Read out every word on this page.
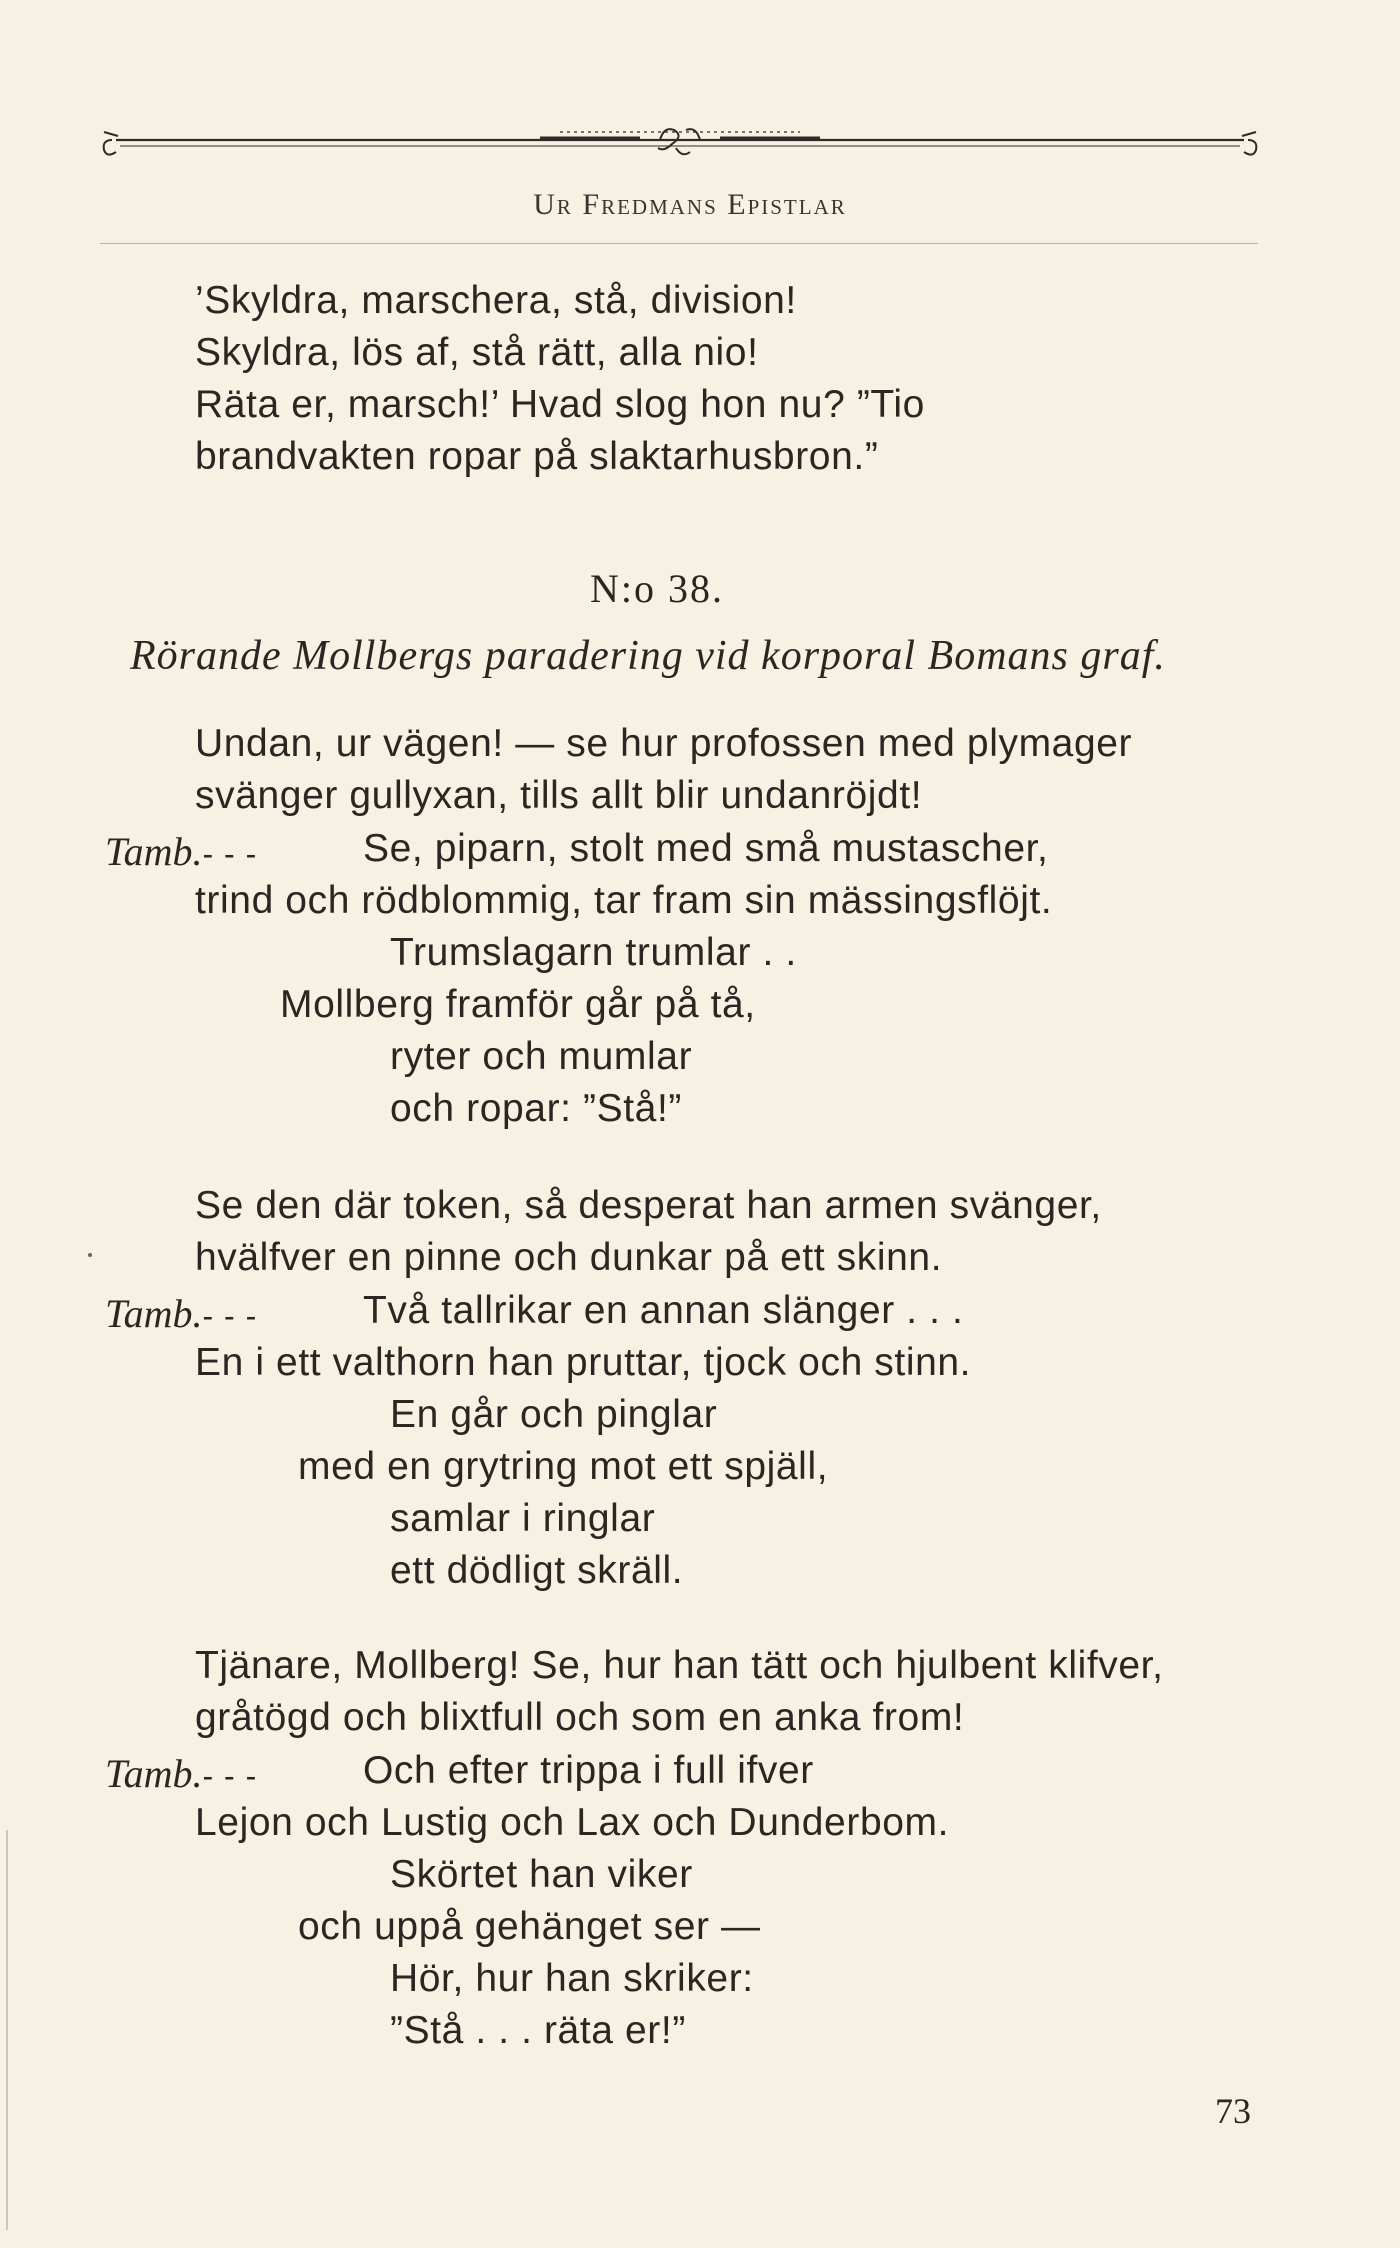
Ur Fredmans Epistlar
’Skyldra, marschera, stå, division!
Skyldra, lös af, stå rätt, alla nio!
Räta er, marsch!’ Hvad slog hon nu? ”Tio
brandvakten ropar på slaktarhusbron.”
N:o 38.
Rörande Mollbergs paradering vid korporal Bomans graf.
Undan, ur vägen! — se hur profossen med plymager
svänger gullyxan, tills allt blir undanröjdt!
Tamb.- - -	Se, piparn, stolt med små mustascher,
trind och rödblommig, tar fram sin mässingsflöjt.
Trumslagarn trumlar . .
Mollberg framför går på tå,
ryter och mumlar
och ropar: ”Stå!”
Se den där token, så desperat han armen svänger,
hvälfver en pinne och dunkar på ett skinn.
Tamb.- - -	Två tallrikar en annan slänger . . .
En i ett valthorn han pruttar, tjock och stinn.
En går och pinglar
med en grytring mot ett spjäll,
samlar i ringlar
ett dödligt skräll.
Tjänare, Mollberg! Se, hur han tätt och hjulbent klifver,
gråtögd och blixtfull och som en anka from!
Tamb.- - -	Och efter trippa i full ifver
Lejon och Lustig och Lax och Dunderbom.
Skörtet han viker
och uppå gehänget ser —
Hör, hur han skriker:
”Stå . . . räta er!”
73
